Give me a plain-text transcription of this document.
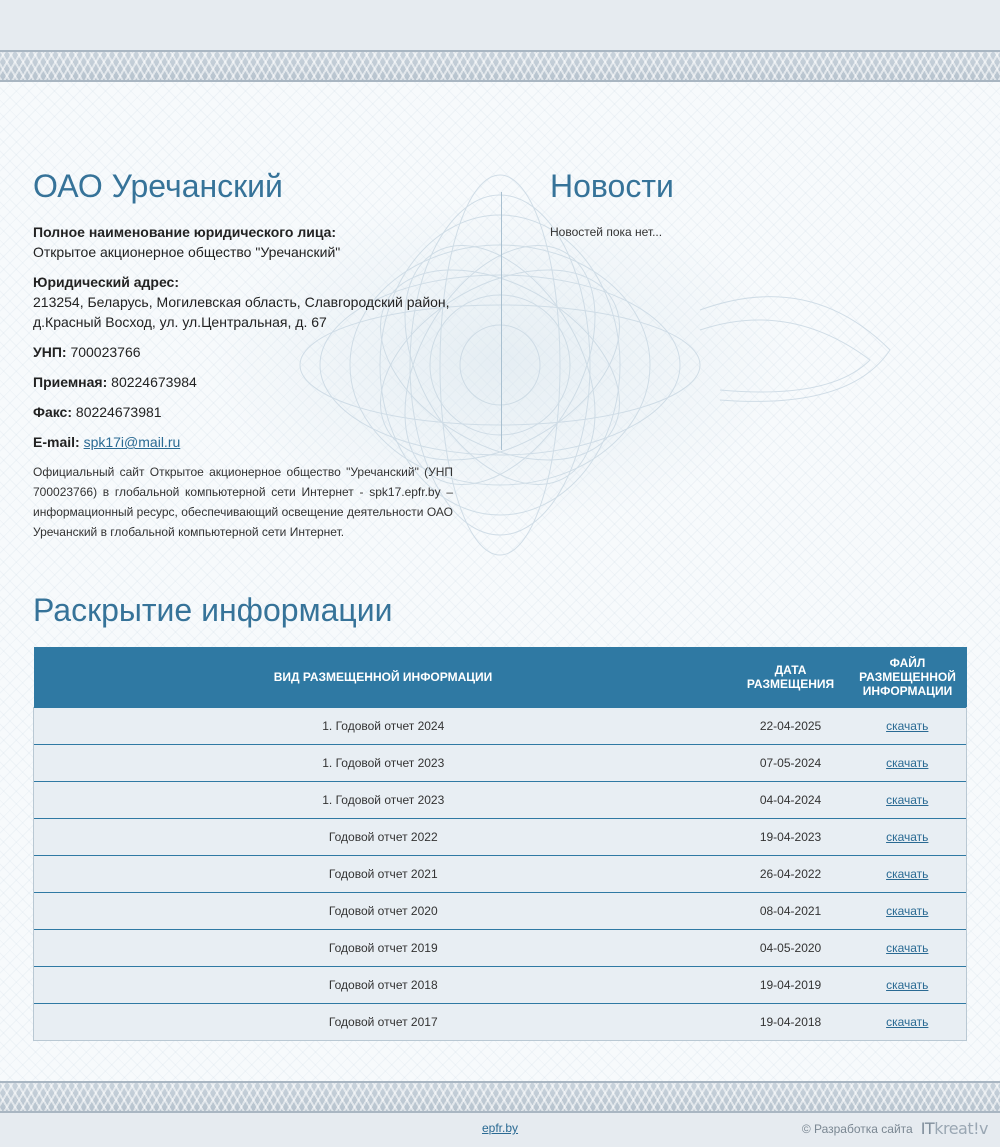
ОАО Уречанский
Полное наименование юридического лица:
Открытое акционерное общество "Уречанский"
Юридический адрес:
213254, Беларусь, Могилевская область, Славгородский район, д.Красный Восход, ул. ул.Центральная, д. 67
УНП: 700023766
Приемная: 80224673984
Факс: 80224673981
E-mail: spk17i@mail.ru
Официальный сайт Открытое акционерное общество "Уречанский" (УНП 700023766) в глобальной компьютерной сети Интернет - spk17.epfr.by – информационный ресурс, обеспечивающий освещение деятельности ОАО Уречанский в глобальной компьютерной сети Интернет.
Новости
Новостей пока нет...
Раскрытие информации
ВИД РАЗМЕЩЕННОЙ ИНФОРМАЦИИ	ДАТА РАЗМЕЩЕНИЯ	ФАЙЛ РАЗМЕЩЕННОЙ ИНФОРМАЦИИ
1. Годовой отчет 2024	22-04-2025	скачать
1. Годовой отчет 2023	07-05-2024	скачать
1. Годовой отчет 2023	04-04-2024	скачать
Годовой отчет 2022	19-04-2023	скачать
Годовой отчет 2021	26-04-2022	скачать
Годовой отчет 2020	08-04-2021	скачать
Годовой отчет 2019	04-05-2020	скачать
Годовой отчет 2018	19-04-2019	скачать
Годовой отчет 2017	19-04-2018	скачать
epfr.by	© Разработка сайта ITkreat!v
